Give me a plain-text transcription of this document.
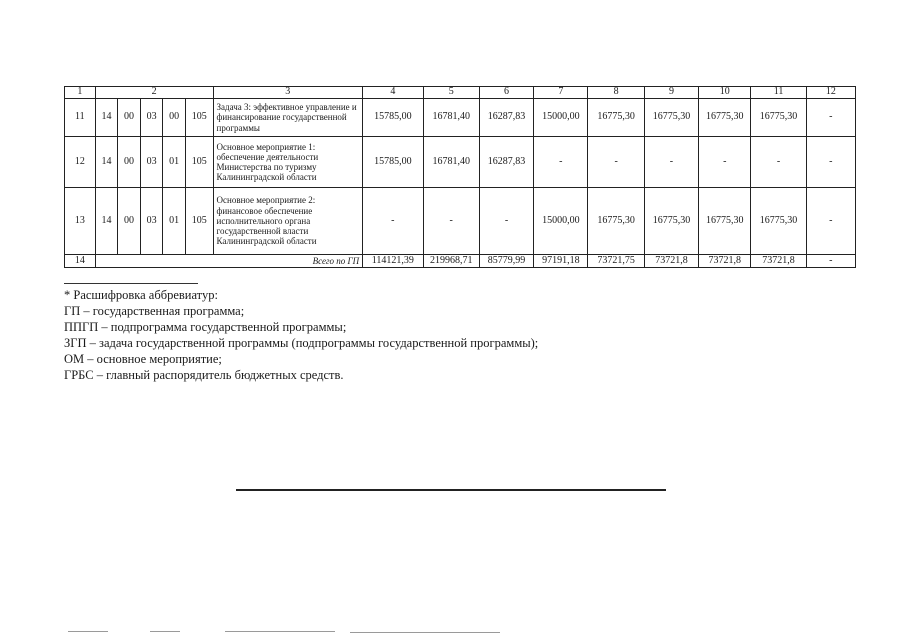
1	2					3	4	5	6	7	8	9	10	11	12
11	14	00	03	00	105	Задача 3: эффективное управление и финансирование государственной программы	15785,00	16781,40	16287,83	15000,00	16775,30	16775,30	16775,30	16775,30	-
12	14	00	03	01	105	Основное мероприятие 1: обеспечение деятельности Министерства по туризму Калининградской области	15785,00	16781,40	16287,83	-	-	-	-	-	-
13	14	00	03	01	105	Основное мероприятие 2: финансовое обеспечение исполнительного органа государственной власти Калининградской области	-	-	-	15000,00	16775,30	16775,30	16775,30	16775,30	-
14	Всего по ГП						114121,39	219968,71	85779,99	97191,18	73721,75	73721,8	73721,8	73721,8	-
* Расшифровка аббревиатур:
ГП – государственная программа;
ППГП – подпрограмма государственной программы;
ЗГП – задача государственной программы (подпрограммы государственной программы);
ОМ – основное мероприятие;
ГРБС – главный распорядитель бюджетных средств.
